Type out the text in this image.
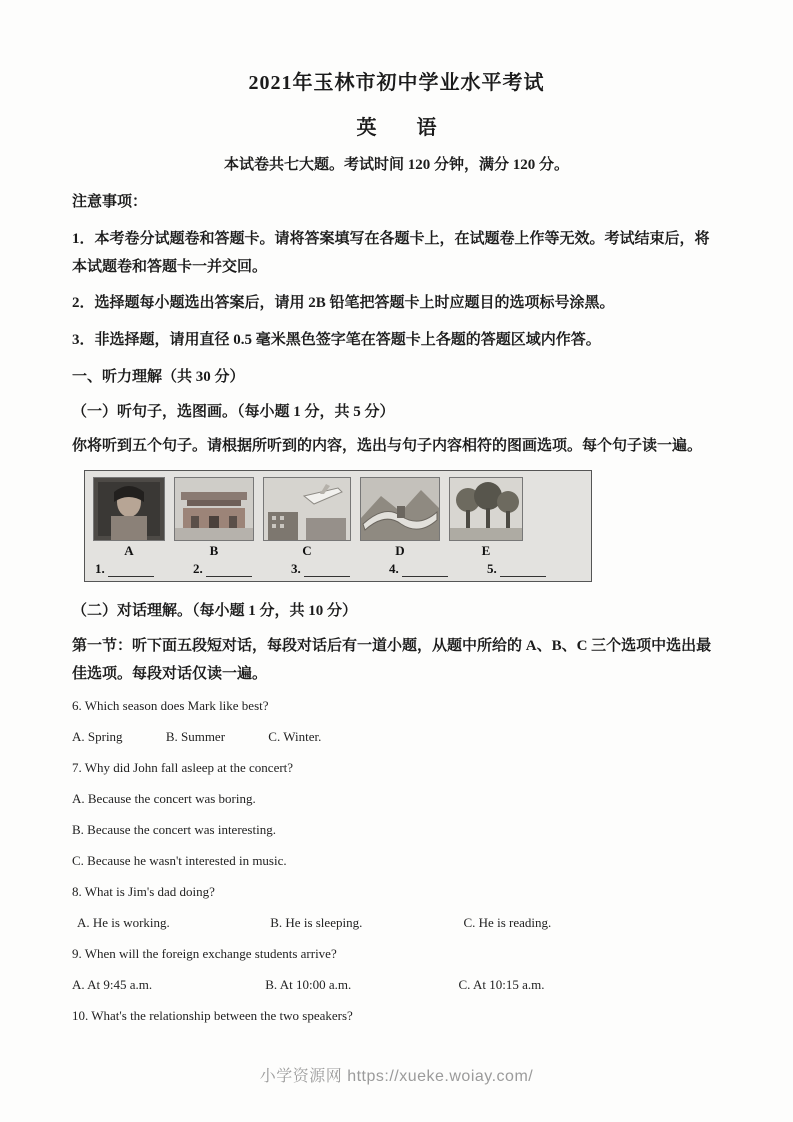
2021年玉林市初中学业水平考试
英　　语

本试卷共七大题。考试时间 120 分钟，满分 120 分。

注意事项：

1．本考卷分试题卷和答题卡。请将答案填写在各题卡上，在试题卷上作等无效。考试结束后，将本试题卷和答题卡一并交回。

2．选择题每小题选出答案后，请用 2B 铅笔把答题卡上时应题目的选项标号涂黑。

3．非选择题，请用直径 0.5 毫米黑色签字笔在答题卡上各题的答题区域内作答。

一、听力理解（共 30 分）

（一）听句子，选图画。（每小题 1 分，共 5 分）

你将听到五个句子。请根据所听到的内容，选出与句子内容相符的图画选项。每个句子读一遍。

A	B	C	D	E
1.	2.	3.	4.	5.

（二）对话理解。（每小题 1 分，共 10 分）

第一节：听下面五段短对话，每段对话后有一道小题，从题中所给的 A、B、C 三个选项中选出最佳选项。每段对话仅读一遍。

6. Which season does Mark like best?

A. Spring	B. Summer	C. Winter.

7. Why did John fall asleep at the concert?

A. Because the concert was boring.

B. Because the concert was interesting.

C. Because he wasn't interested in music.

8. What is Jim's dad doing?

A. He is working.	B. He is sleeping.	C. He is reading.

9. When will the foreign exchange students arrive?

A. At 9:45 a.m.	B. At 10:00 a.m.	C. At 10:15 a.m.

10. What's the relationship between the two speakers?

小学资源网 https://xueke.woiay.com/
